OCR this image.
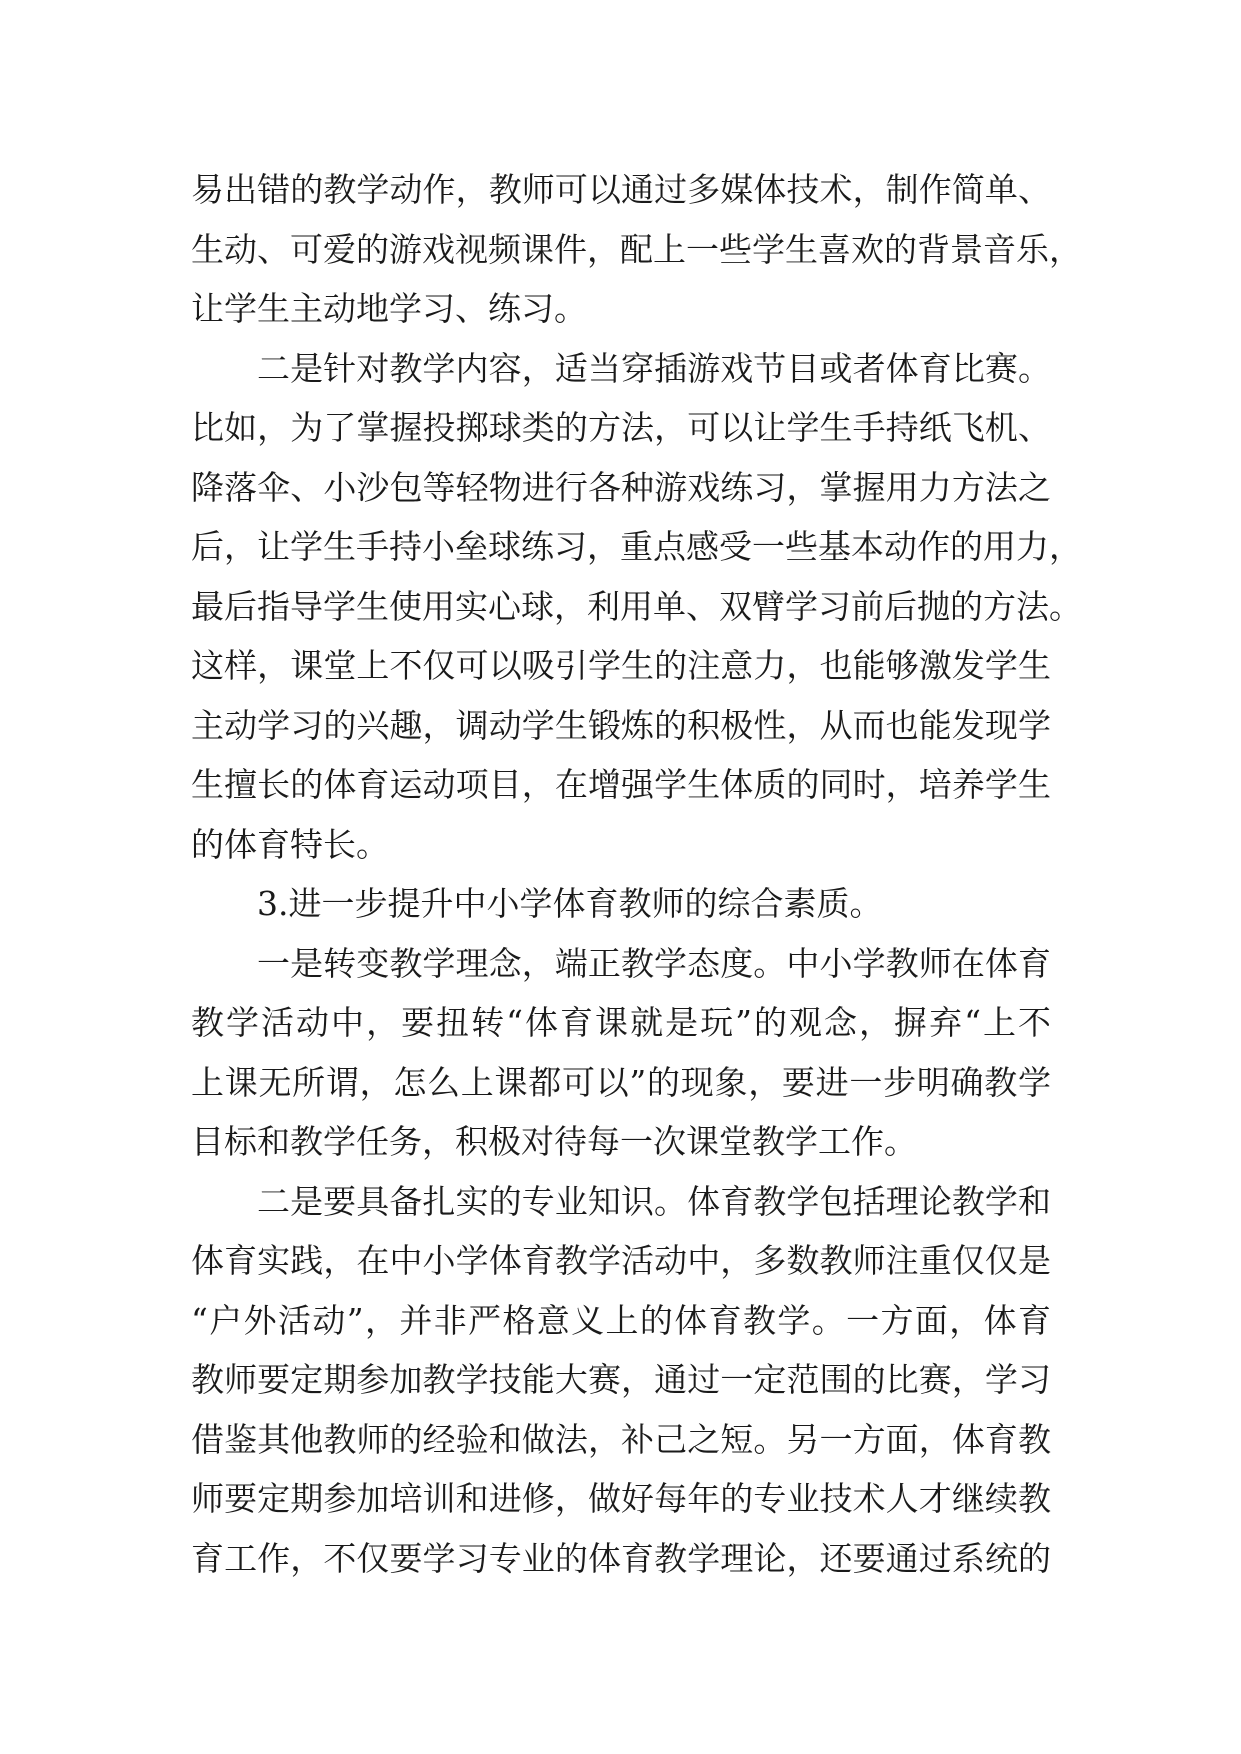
易出错的教学动作，教师可以通过多媒体技术，制作简单、
生动、可爱的游戏视频课件，配上一些学生喜欢的背景音乐，
让学生主动地学习、练习。
二是针对教学内容，适当穿插游戏节目或者体育比赛。
比如，为了掌握投掷球类的方法，可以让学生手持纸飞机、
降落伞、小沙包等轻物进行各种游戏练习，掌握用力方法之
后，让学生手持小垒球练习，重点感受一些基本动作的用力，
最后指导学生使用实心球，利用单、双臂学习前后抛的方法。
这样，课堂上不仅可以吸引学生的注意力，也能够激发学生
主动学习的兴趣，调动学生锻炼的积极性，从而也能发现学
生擅长的体育运动项目，在增强学生体质的同时，培养学生
的体育特长。
3.进一步提升中小学体育教师的综合素质。
一是转变教学理念，端正教学态度。中小学教师在体育
教学活动中，要扭转“体育课就是玩”的观念，摒弃“上不
上课无所谓，怎么上课都可以”的现象，要进一步明确教学
目标和教学任务，积极对待每一次课堂教学工作。
二是要具备扎实的专业知识。体育教学包括理论教学和
体育实践，在中小学体育教学活动中，多数教师注重仅仅是
“户外活动”，并非严格意义上的体育教学。一方面，体育
教师要定期参加教学技能大赛，通过一定范围的比赛，学习
借鉴其他教师的经验和做法，补己之短。另一方面，体育教
师要定期参加培训和进修，做好每年的专业技术人才继续教
育工作，不仅要学习专业的体育教学理论，还要通过系统的
